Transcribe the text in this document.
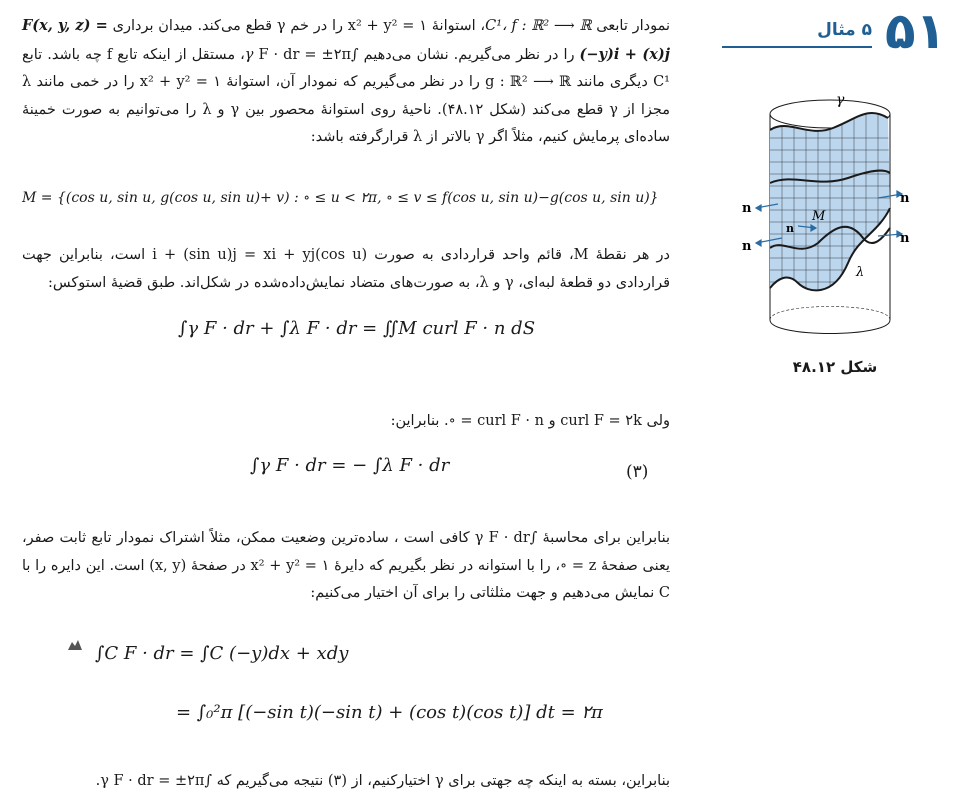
۵۱
۵ مثال
نمودار تابعی C¹، f : ℝ² ⟶ ℝ، استوانهٔ ۱ = x² + y² را در خم γ قطع می‌کند. میدان برداری F(x, y, z) = (−y)i + (x)j را در نظر می‌گیریم. نشان می‌دهیم ∫γ F · dr = ±۲π، مستقل از اینکه تابع f چه باشد. تابع C¹ دیگری مانند g : ℝ² ⟶ ℝ را در نظر می‌گیریم که نمودار آن، استوانهٔ ۱ = x² + y² را در خمی مانند λ مجزا از γ قطع می‌کند (شکل ۴۸.۱۲). ناحیهٔ روی استوانهٔ محصور بین γ و λ را می‌توانیم به صورت خمینهٔ ساده‌ای پرمایش کنیم، مثلاً اگر γ بالاتر از λ قرارگرفته باشد:
M = {(cos u, sin u, g(cos u, sin u)+ v) : ∘ ≤ u < ۲π, ∘ ≤ v ≤ f(cos u, sin u)−g(cos u, sin u)}
در هر نقطهٔ M، قائم واحد قراردادی به صورت (cos u)i + (sin u)j = xi + yj است، بنابراین جهت قراردادی دو قطعهٔ لبه‌ای، γ و λ، به صورت‌های متضاد نمایش‌داده‌شده در شکل‌اند. طبق قضیهٔ استوکس:
∫γ F · dr + ∫λ F · dr = ∬M curl F · n dS
ولی curl F = ۲k و curl F · n = ∘. بنابراین:
∫γ F · dr = − ∫λ F · dr	(۳)
بنابراین برای محاسبهٔ ∫γ F · dr کافی است ، ساده‌ترین وضعیت ممکن، مثلاً اشتراک نمودار تابع ثابت صفر، یعنی صفحهٔ z = ∘، را با استوانه در نظر بگیریم که دایرهٔ ۱ = x² + y² در صفحهٔ (x, y) است. این دایره را با C نمایش می‌دهیم و جهت مثلثاتی را برای آن اختیار می‌کنیم:
∫C F · dr = ∫C (−y)dx + xdy
= ∫₀²π [(−sin t)(−sin t) + (cos t)(cos t)] dt = ۲π
بنابراین، بسته به اینکه چه جهتی برای γ اختیارکنیم، از (۳) نتیجه می‌گیریم که ∫γ F · dr = ±۲π.
γ
M
λ
n
n
n
n
n
شکل ۴۸.۱۲
